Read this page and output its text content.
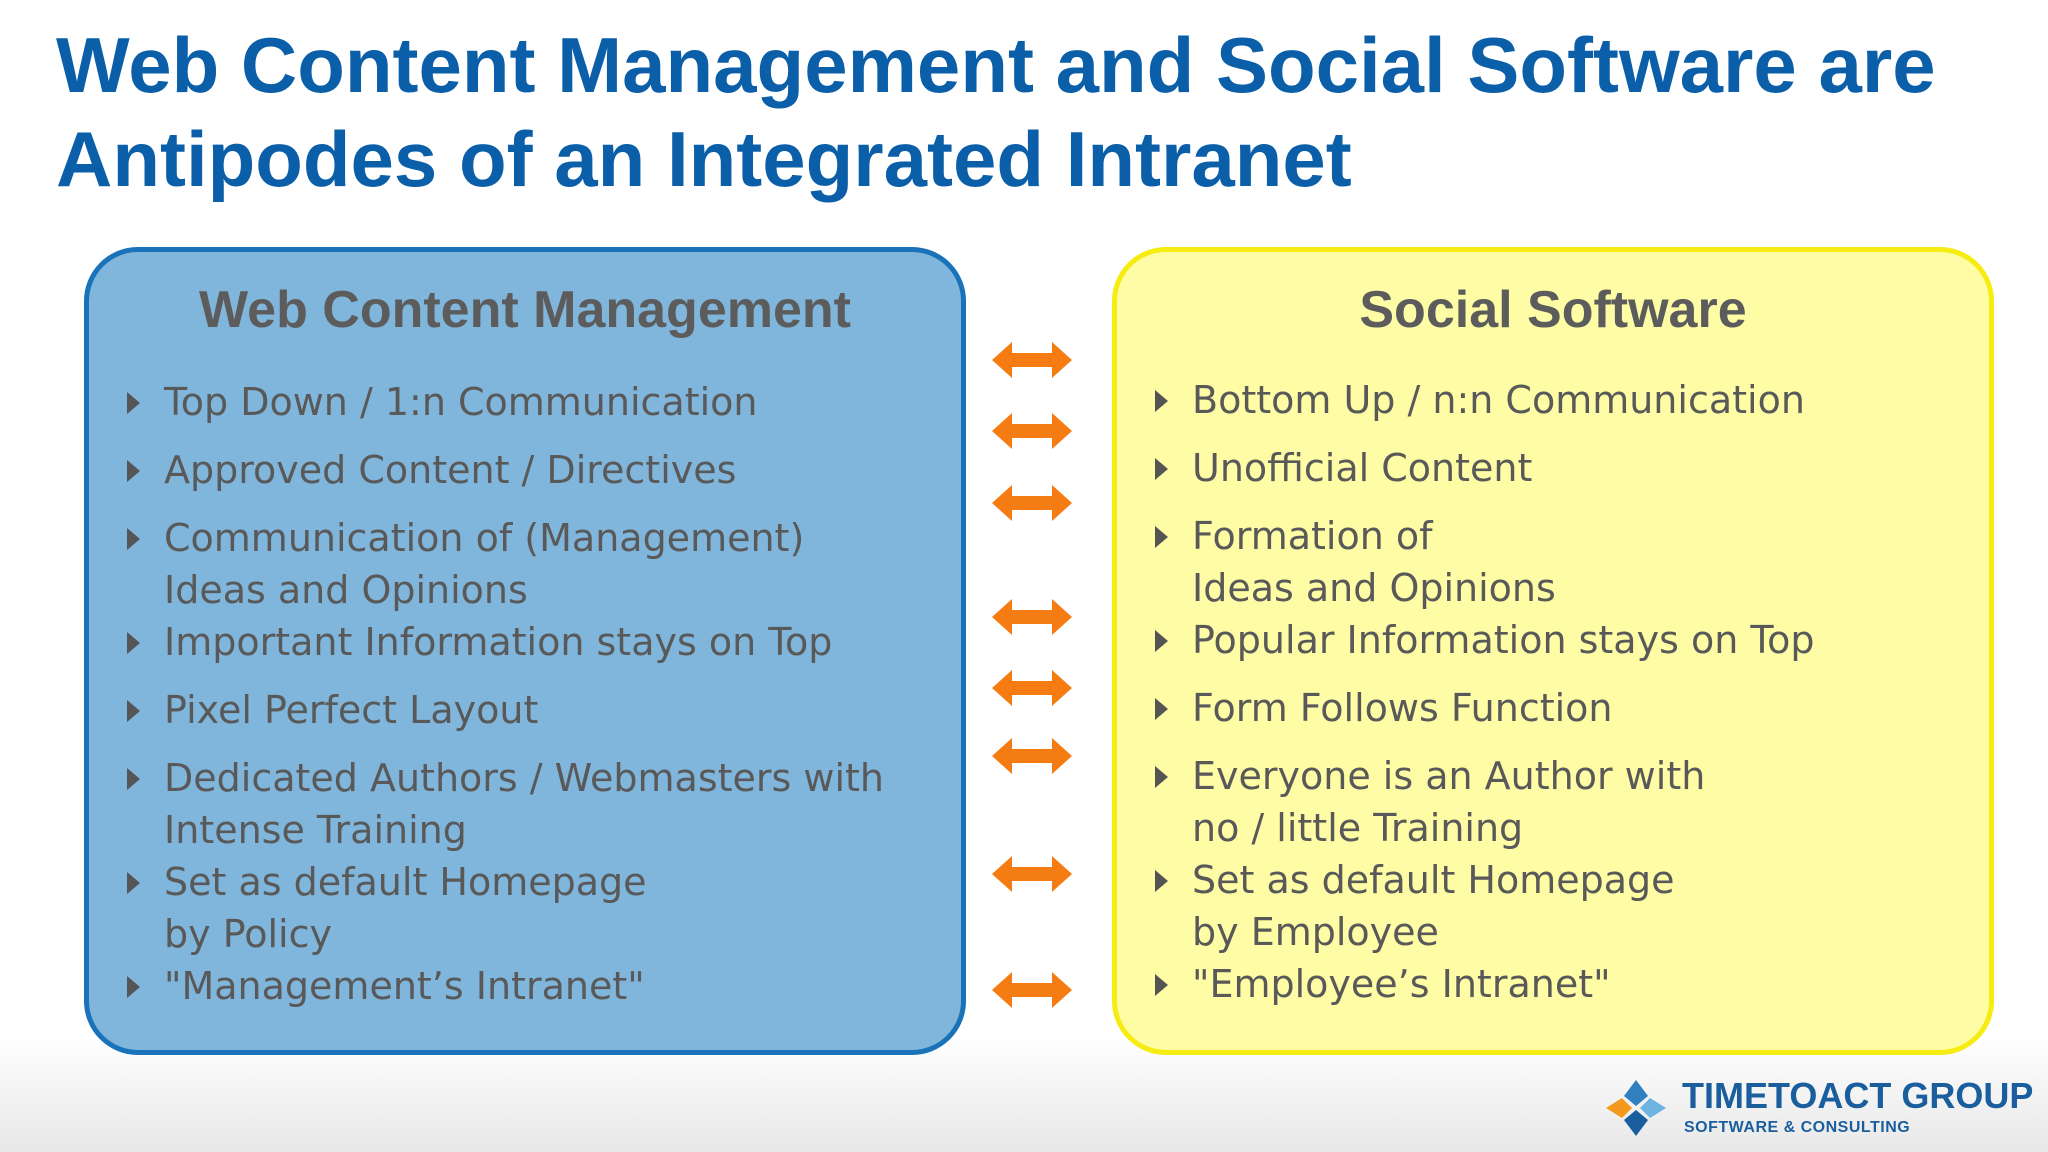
Web Content Management and Social Software are Antipodes of an Integrated Intranet
Web Content Management
Top Down / 1:n Communication
Approved Content / Directives
Communication of (Management)
Ideas and Opinions
Important Information stays on Top
Pixel Perfect Layout
Dedicated Authors / Webmasters with
Intense Training
Set as default Homepage
by Policy
"Management’s Intranet"
Social Software
Bottom Up / n:n Communication
Unofficial Content
Formation of
Ideas and Opinions
Popular Information stays on Top
Form Follows Function
Everyone is an Author with
no / little Training
Set as default Homepage
by Employee
"Employee’s Intranet"
TIMETOACT GROUP
SOFTWARE & CONSULTING
